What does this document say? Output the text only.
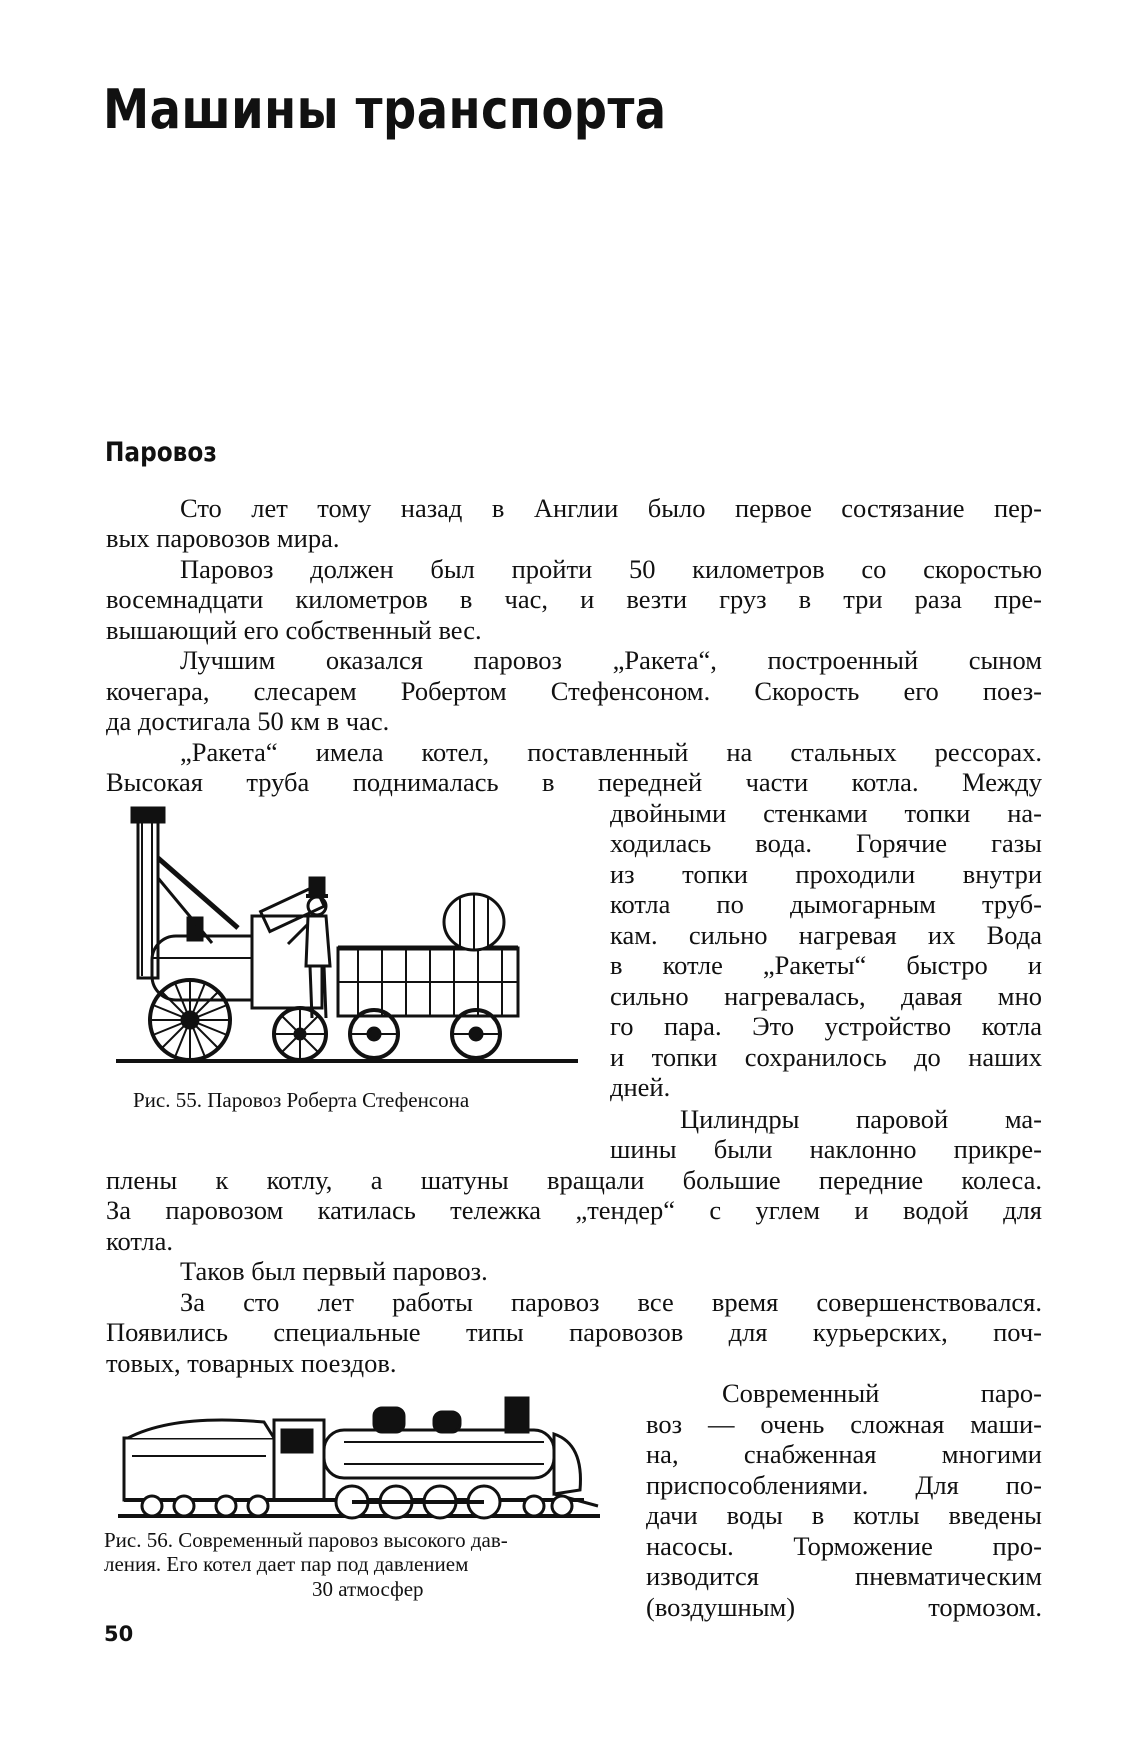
Машины транспорта
Паровоз
Сто лет тому назад в Англии было первое состязание пер-
вых паровозов мира.
Паровоз должен был пройти 50 километров со скоростью
восемнадцати километров в час, и везти груз в три раза пре-
вышающий его собственный вес.
Лучшим оказался паровоз „Ракета“, построенный сыном
кочегара, слесарем Робертом Стефенсоном. Скорость его поез-
да достигала 50 км в час.
„Ракета“ имела котел, поставленный на стальных рессорах.
Высокая труба поднималась в передней части котла. Между
двойными стенками топки на-
ходилась вода. Горячие газы
из топки проходили внутри
котла по дымогарным труб-
кам. сильно нагревая их Вода
в котле „Ракеты“ быстро и
сильно нагревалась, давая мно
го пара. Это устройство котла
и топки сохранилось до наших
дней.
Цилиндры паровой ма-
шины были наклонно прикре-
плены к котлу, а шатуны вращали большие передние колеса.
За паровозом катилась тележка „тендер“ с углем и водой для
котла.
Таков был первый паровоз.
За сто лет работы паровоз все время совершенствовался.
Появились специальные типы паровозов для курьерских, поч-
товых, товарных поездов.
Современный паро-
воз — очень сложная маши-
на, снабженная многими
приспособлениями. Для по-
дачи воды в котлы введены
насосы. Торможение про-
изводится пневматическим
(воздушным) тормозом.
Рис. 55. Паровоз Роберта Стефенсона
Рис. 56. Современный паровоз высокого дав-
ления. Его котел дает пар под давлением
30 атмосфер
50
